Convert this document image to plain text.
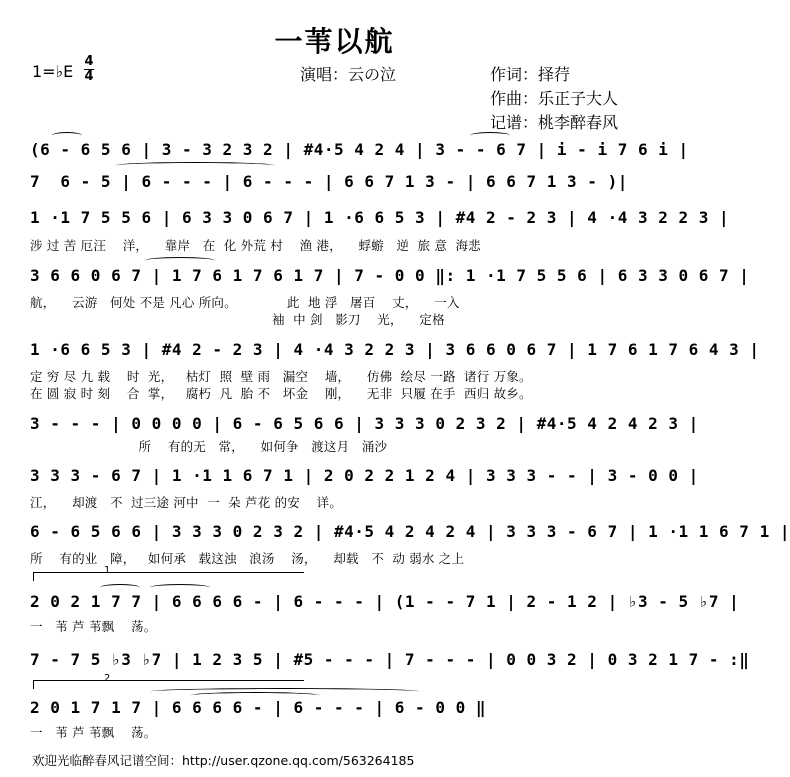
一苇以航
1=♭E
4
4	演唱：云の泣	作词：择荇
作曲：乐正子大人
记谱：桃李醉春风
(6 - 6 5 6 | 3 - 3 2 3 2 | #4·5 4 2 4 | 3 - - 6 7 | i - i 7 6 i |
7  6 - 5 | 6 - - - | 6 - - - | 6 6 7 1 3 - | 6 6 7 1 3 - )|
1 ·1 7 5 5 6 | 6 3 3 0 6 7 | 1 ·6 6 5 3 | #4 2 - 2 3 | 4 ·4 3 2 2 3 |
涉 过 苦 厄汪    洋，    靠岸   在  化 外荒 村    渔 港，    蜉蝣   逆  旅 意  海悲
3 6 6 0 6 7 | 1 7 6 1 7 6 1 7 | 7 - 0 0 ‖: 1 ·1 7 5 5 6 | 6 3 3 0 6 7 |
航，    云游   何处 不是 凡心 所向。            此  地 浮   屠百    丈，    一入
袖  中 剑   影刀    光，    定格
1 ·6 6 5 3 | #4 2 - 2 3 | 4 ·4 3 2 2 3 | 3 6 6 0 6 7 | 1 7 6 1 7 6 4 3 |
定 穷 尽 九 载    时  光，   枯灯  照  壁 雨   漏空    墙，    仿佛  绘尽 一路  诸行 万象。
在 圆 寂 时 刻    合  掌，   腐朽  凡  胎 不   坏金    刚，    无非  只履 在手  西归 故乡。
3 - - - | 0 0 0 0 | 6 - 6 5 6 6 | 3 3 3 0 2 3 2 | #4·5 4 2 4 2 3 |
所    有的无   常，    如何争   渡这月   涌沙
3 3 3 - 6 7 | 1 ·1 1 6 7 1 | 2 0 2 2 1 2 4 | 3 3 3 - - | 3 - 0 0 |
江，    却渡   不  过三途 河中  一  朵 芦花 的安    详。
6 - 6 5 6 6 | 3 3 3 0 2 3 2 | #4·5 4 2 4 2 4 | 3 3 3 - 6 7 | 1 ·1 1 6 7 1 |
所    有的业   障，   如何承   载这浊   浪汤    汤，    却载   不  动 弱水 之上
1
2 0 2 1 7 7 | 6 6 6 6 - | 6 - - - | (1 - - 7 1 | 2 - 1 2 | ♭3 - 5 ♭7 |
一   苇 芦 苇飘    荡。
7 - 7 5 ♭3 ♭7 | 1 2 3 5 | #5 - - - | 7 - - - | 0 0 3 2 | 0 3 2 1 7 - :‖
2
2 0 1 7 1 7 | 6 6 6 6 - | 6 - - - | 6 - 0 0 ‖
一   苇 芦 苇飘    荡。
欢迎光临醉春风记谱空间：http://user.qzone.qq.com/563264185
